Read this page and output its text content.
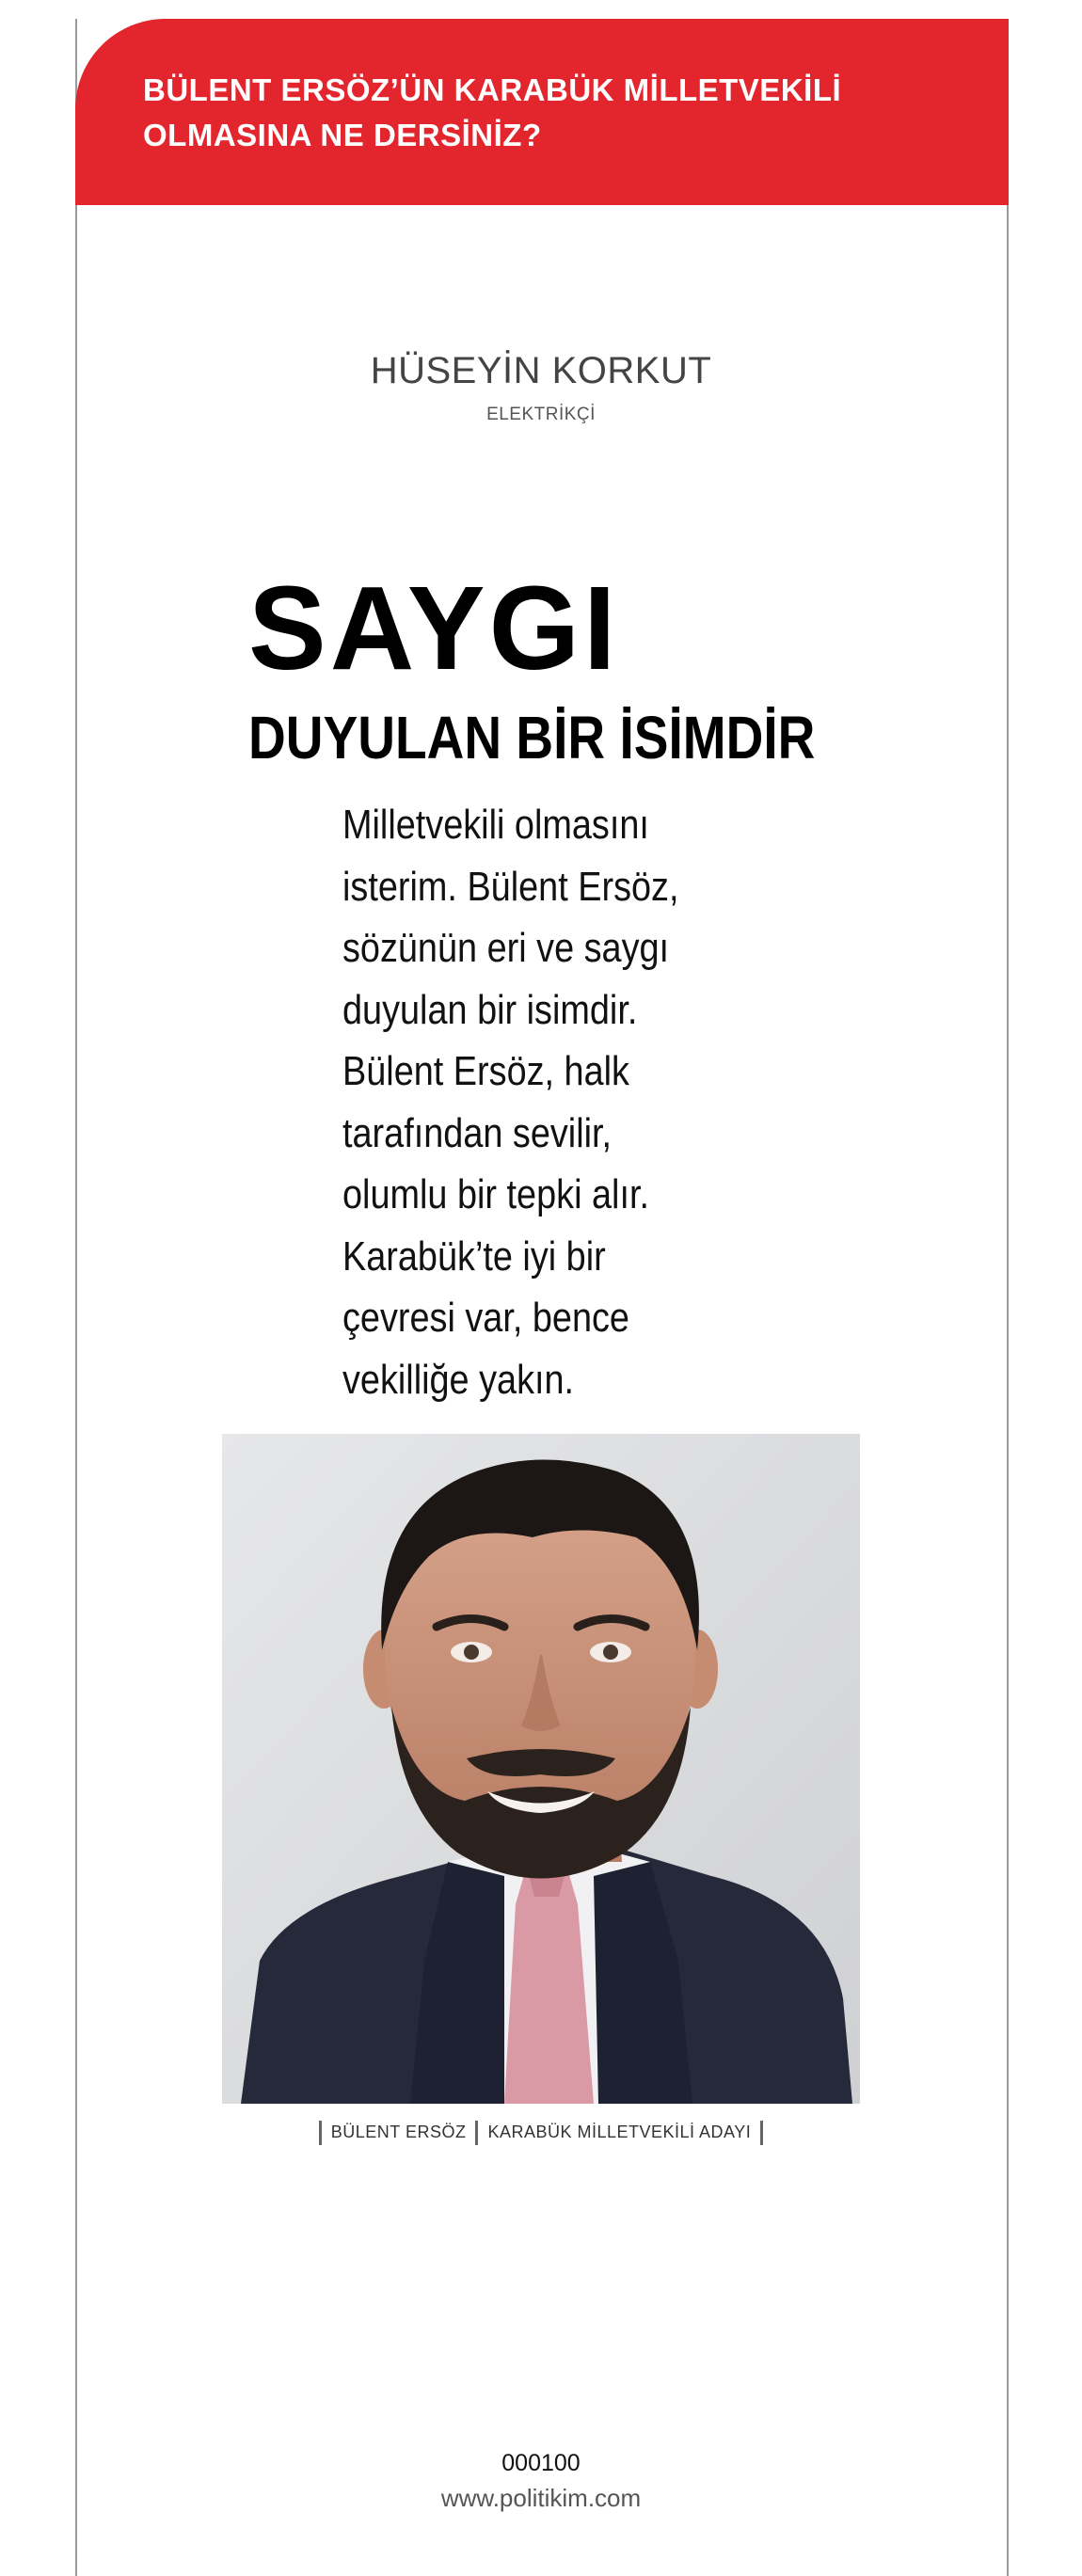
BÜLENT ERSÖZ’ÜN KARABÜK MİLLETVEKİLİ
OLMASINA NE DERSİNİZ?
HÜSEYİN KORKUT
ELEKTRİKÇİ
SAYGI
DUYULAN BİR İSİMDİR

Milletvekili olmasını
isterim. Bülent Ersöz,
sözünün eri ve saygı
duyulan bir isimdir.
Bülent Ersöz, halk
tarafından sevilir,
olumlu bir tepki alır.
Karabük’te iyi bir
çevresi var, bence
vekilliğe yakın.

BÜLENT ERSÖZ KARABÜK MİLLETVEKİLİ ADAYI
000100
www.politikim.com
